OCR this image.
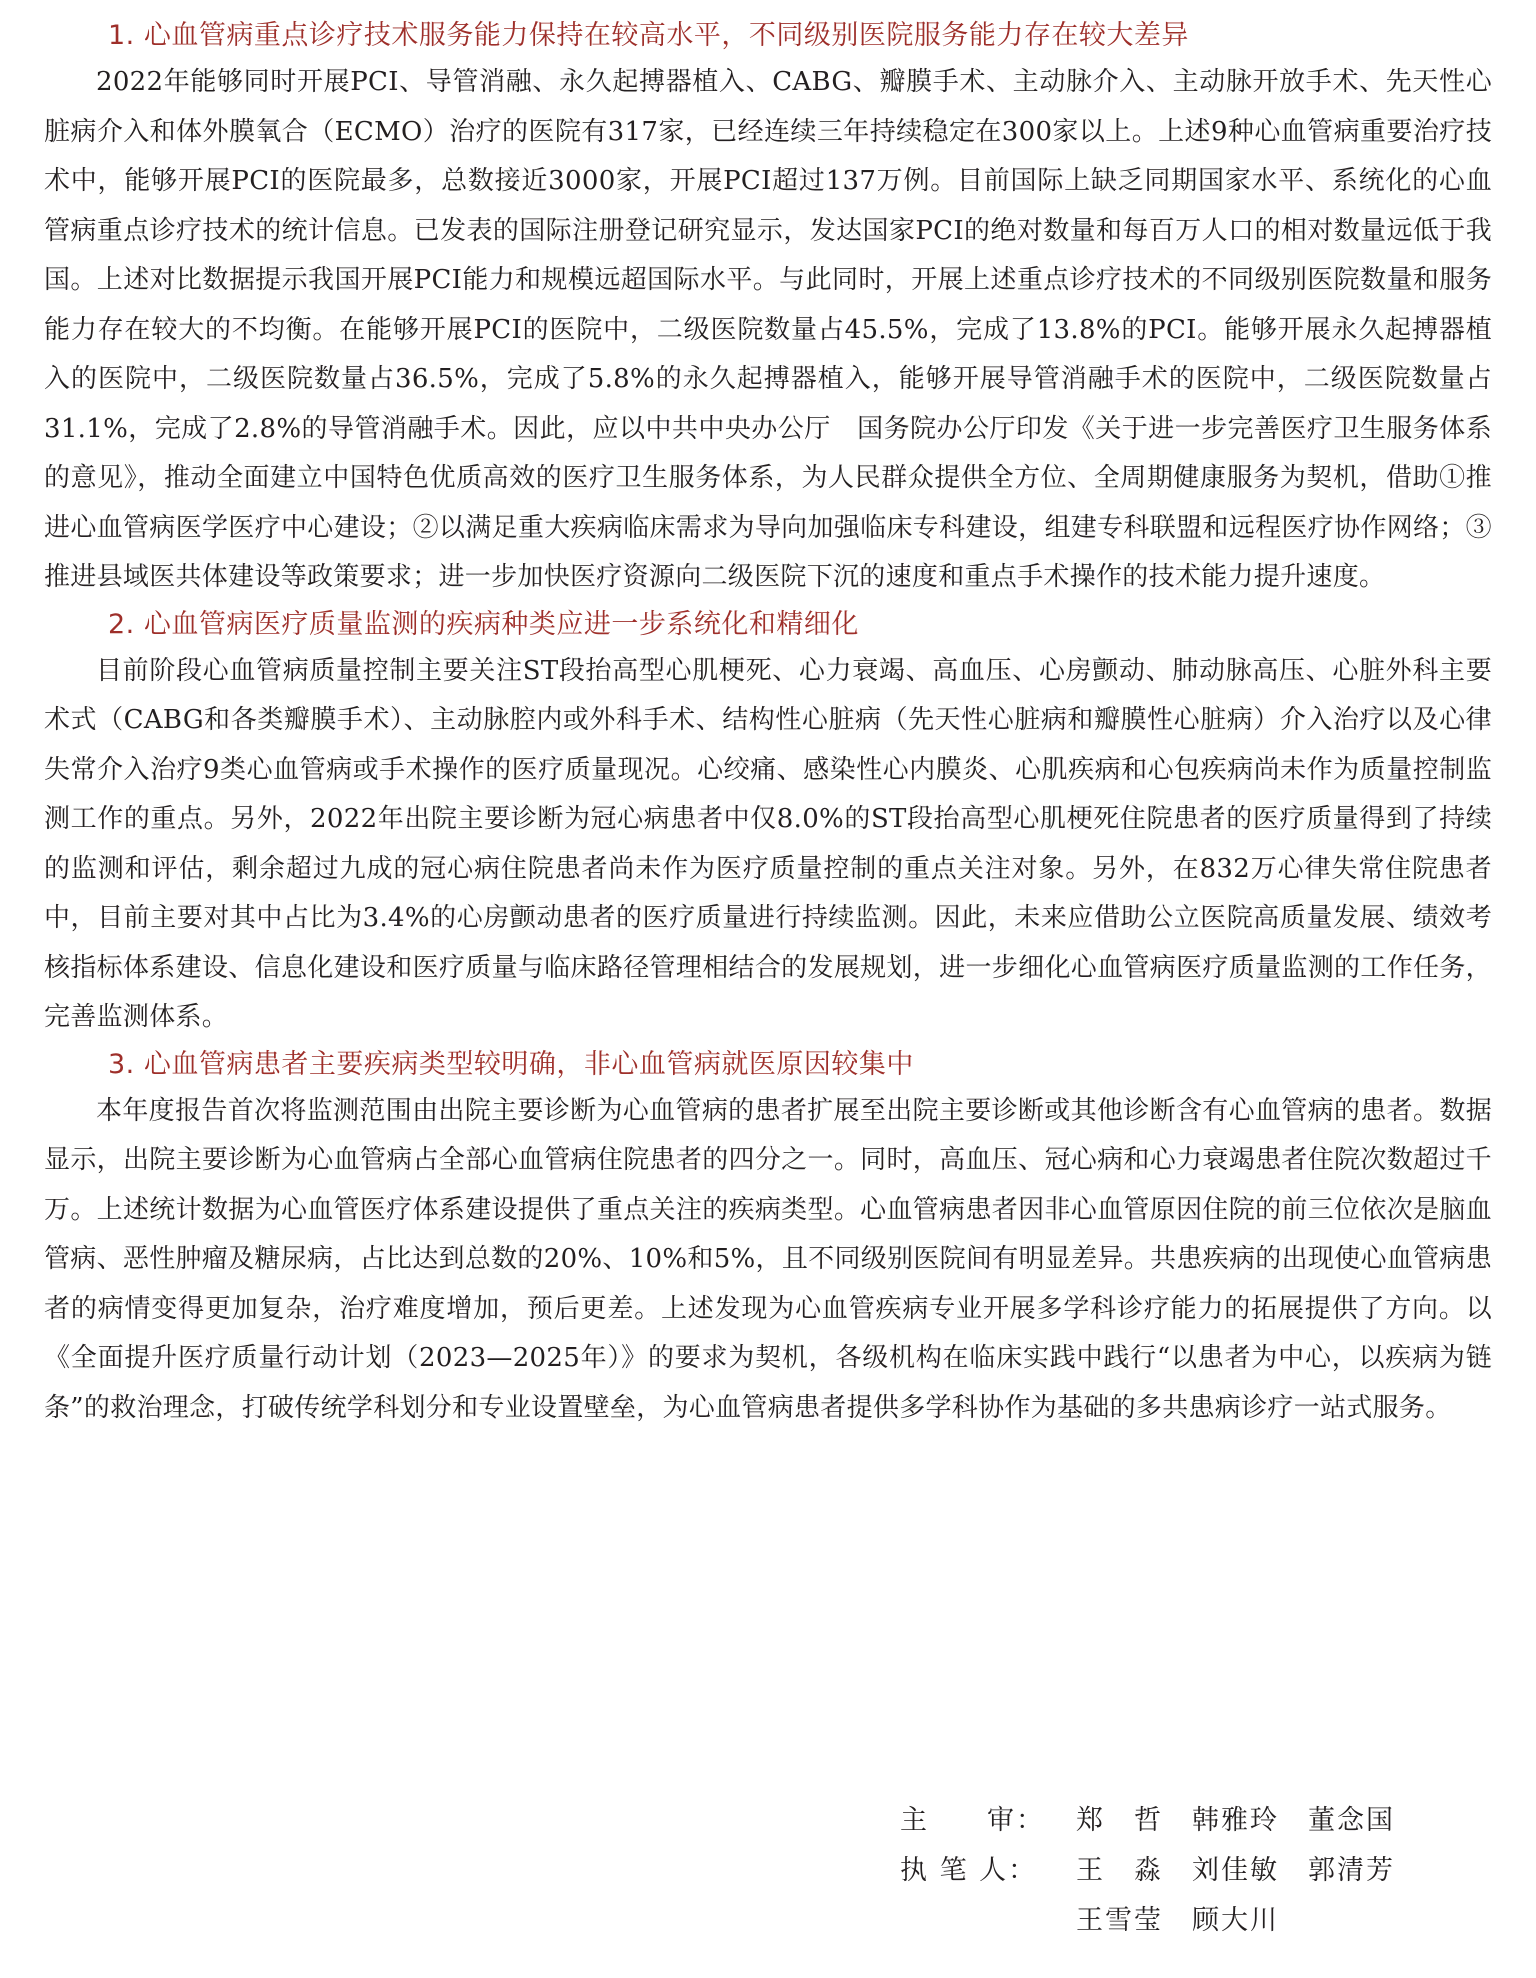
1. 心血管病重点诊疗技术服务能力保持在较高水平，不同级别医院服务能力存在较大差异

2022年能够同时开展PCI、导管消融、永久起搏器植入、CABG、瓣膜手术、主动脉介入、主动脉开放手术、先天性心脏病介入和体外膜氧合（ECMO）治疗的医院有317家，已经连续三年持续稳定在300家以上。上述9种心血管病重要治疗技术中，能够开展PCI的医院最多，总数接近3000家，开展PCI超过137万例。目前国际上缺乏同期国家水平、系统化的心血管病重点诊疗技术的统计信息。已发表的国际注册登记研究显示，发达国家PCI的绝对数量和每百万人口的相对数量远低于我国。上述对比数据提示我国开展PCI能力和规模远超国际水平。与此同时，开展上述重点诊疗技术的不同级别医院数量和服务能力存在较大的不均衡。在能够开展PCI的医院中，二级医院数量占45.5%，完成了13.8%的PCI。能够开展永久起搏器植入的医院中，二级医院数量占36.5%，完成了5.8%的永久起搏器植入，能够开展导管消融手术的医院中，二级医院数量占31.1%，完成了2.8%的导管消融手术。因此，应以中共中央办公厅　国务院办公厅印发《关于进一步完善医疗卫生服务体系的意见》，推动全面建立中国特色优质高效的医疗卫生服务体系，为人民群众提供全方位、全周期健康服务为契机，借助①推进心血管病医学医疗中心建设；②以满足重大疾病临床需求为导向加强临床专科建设，组建专科联盟和远程医疗协作网络；③推进县域医共体建设等政策要求；进一步加快医疗资源向二级医院下沉的速度和重点手术操作的技术能力提升速度。

2. 心血管病医疗质量监测的疾病种类应进一步系统化和精细化

目前阶段心血管病质量控制主要关注ST段抬高型心肌梗死、心力衰竭、高血压、心房颤动、肺动脉高压、心脏外科主要术式（CABG和各类瓣膜手术）、主动脉腔内或外科手术、结构性心脏病（先天性心脏病和瓣膜性心脏病）介入治疗以及心律失常介入治疗9类心血管病或手术操作的医疗质量现况。心绞痛、感染性心内膜炎、心肌疾病和心包疾病尚未作为质量控制监测工作的重点。另外，2022年出院主要诊断为冠心病患者中仅8.0%的ST段抬高型心肌梗死住院患者的医疗质量得到了持续的监测和评估，剩余超过九成的冠心病住院患者尚未作为医疗质量控制的重点关注对象。另外，在832万心律失常住院患者中，目前主要对其中占比为3.4%的心房颤动患者的医疗质量进行持续监测。因此，未来应借助公立医院高质量发展、绩效考核指标体系建设、信息化建设和医疗质量与临床路径管理相结合的发展规划，进一步细化心血管病医疗质量监测的工作任务，完善监测体系。

3. 心血管病患者主要疾病类型较明确，非心血管病就医原因较集中

本年度报告首次将监测范围由出院主要诊断为心血管病的患者扩展至出院主要诊断或其他诊断含有心血管病的患者。数据显示，出院主要诊断为心血管病占全部心血管病住院患者的四分之一。同时，高血压、冠心病和心力衰竭患者住院次数超过千万。上述统计数据为心血管医疗体系建设提供了重点关注的疾病类型。心血管病患者因非心血管原因住院的前三位依次是脑血管病、恶性肿瘤及糖尿病，占比达到总数的20%、10%和5%，且不同级别医院间有明显差异。共患疾病的出现使心血管病患者的病情变得更加复杂，治疗难度增加，预后更差。上述发现为心血管疾病专业开展多学科诊疗能力的拓展提供了方向。以《全面提升医疗质量行动计划（2023—2025年）》的要求为契机，各级机构在临床实践中践行“以患者为中心，以疾病为链条”的救治理念，打破传统学科划分和专业设置壁垒，为心血管病患者提供多学科协作为基础的多共患病诊疗一站式服务。

主　　审：	郑　哲　韩雅玲　董念国
执 笔 人：	王　淼　刘佳敏　郭清芳
王雪莹　顾大川
